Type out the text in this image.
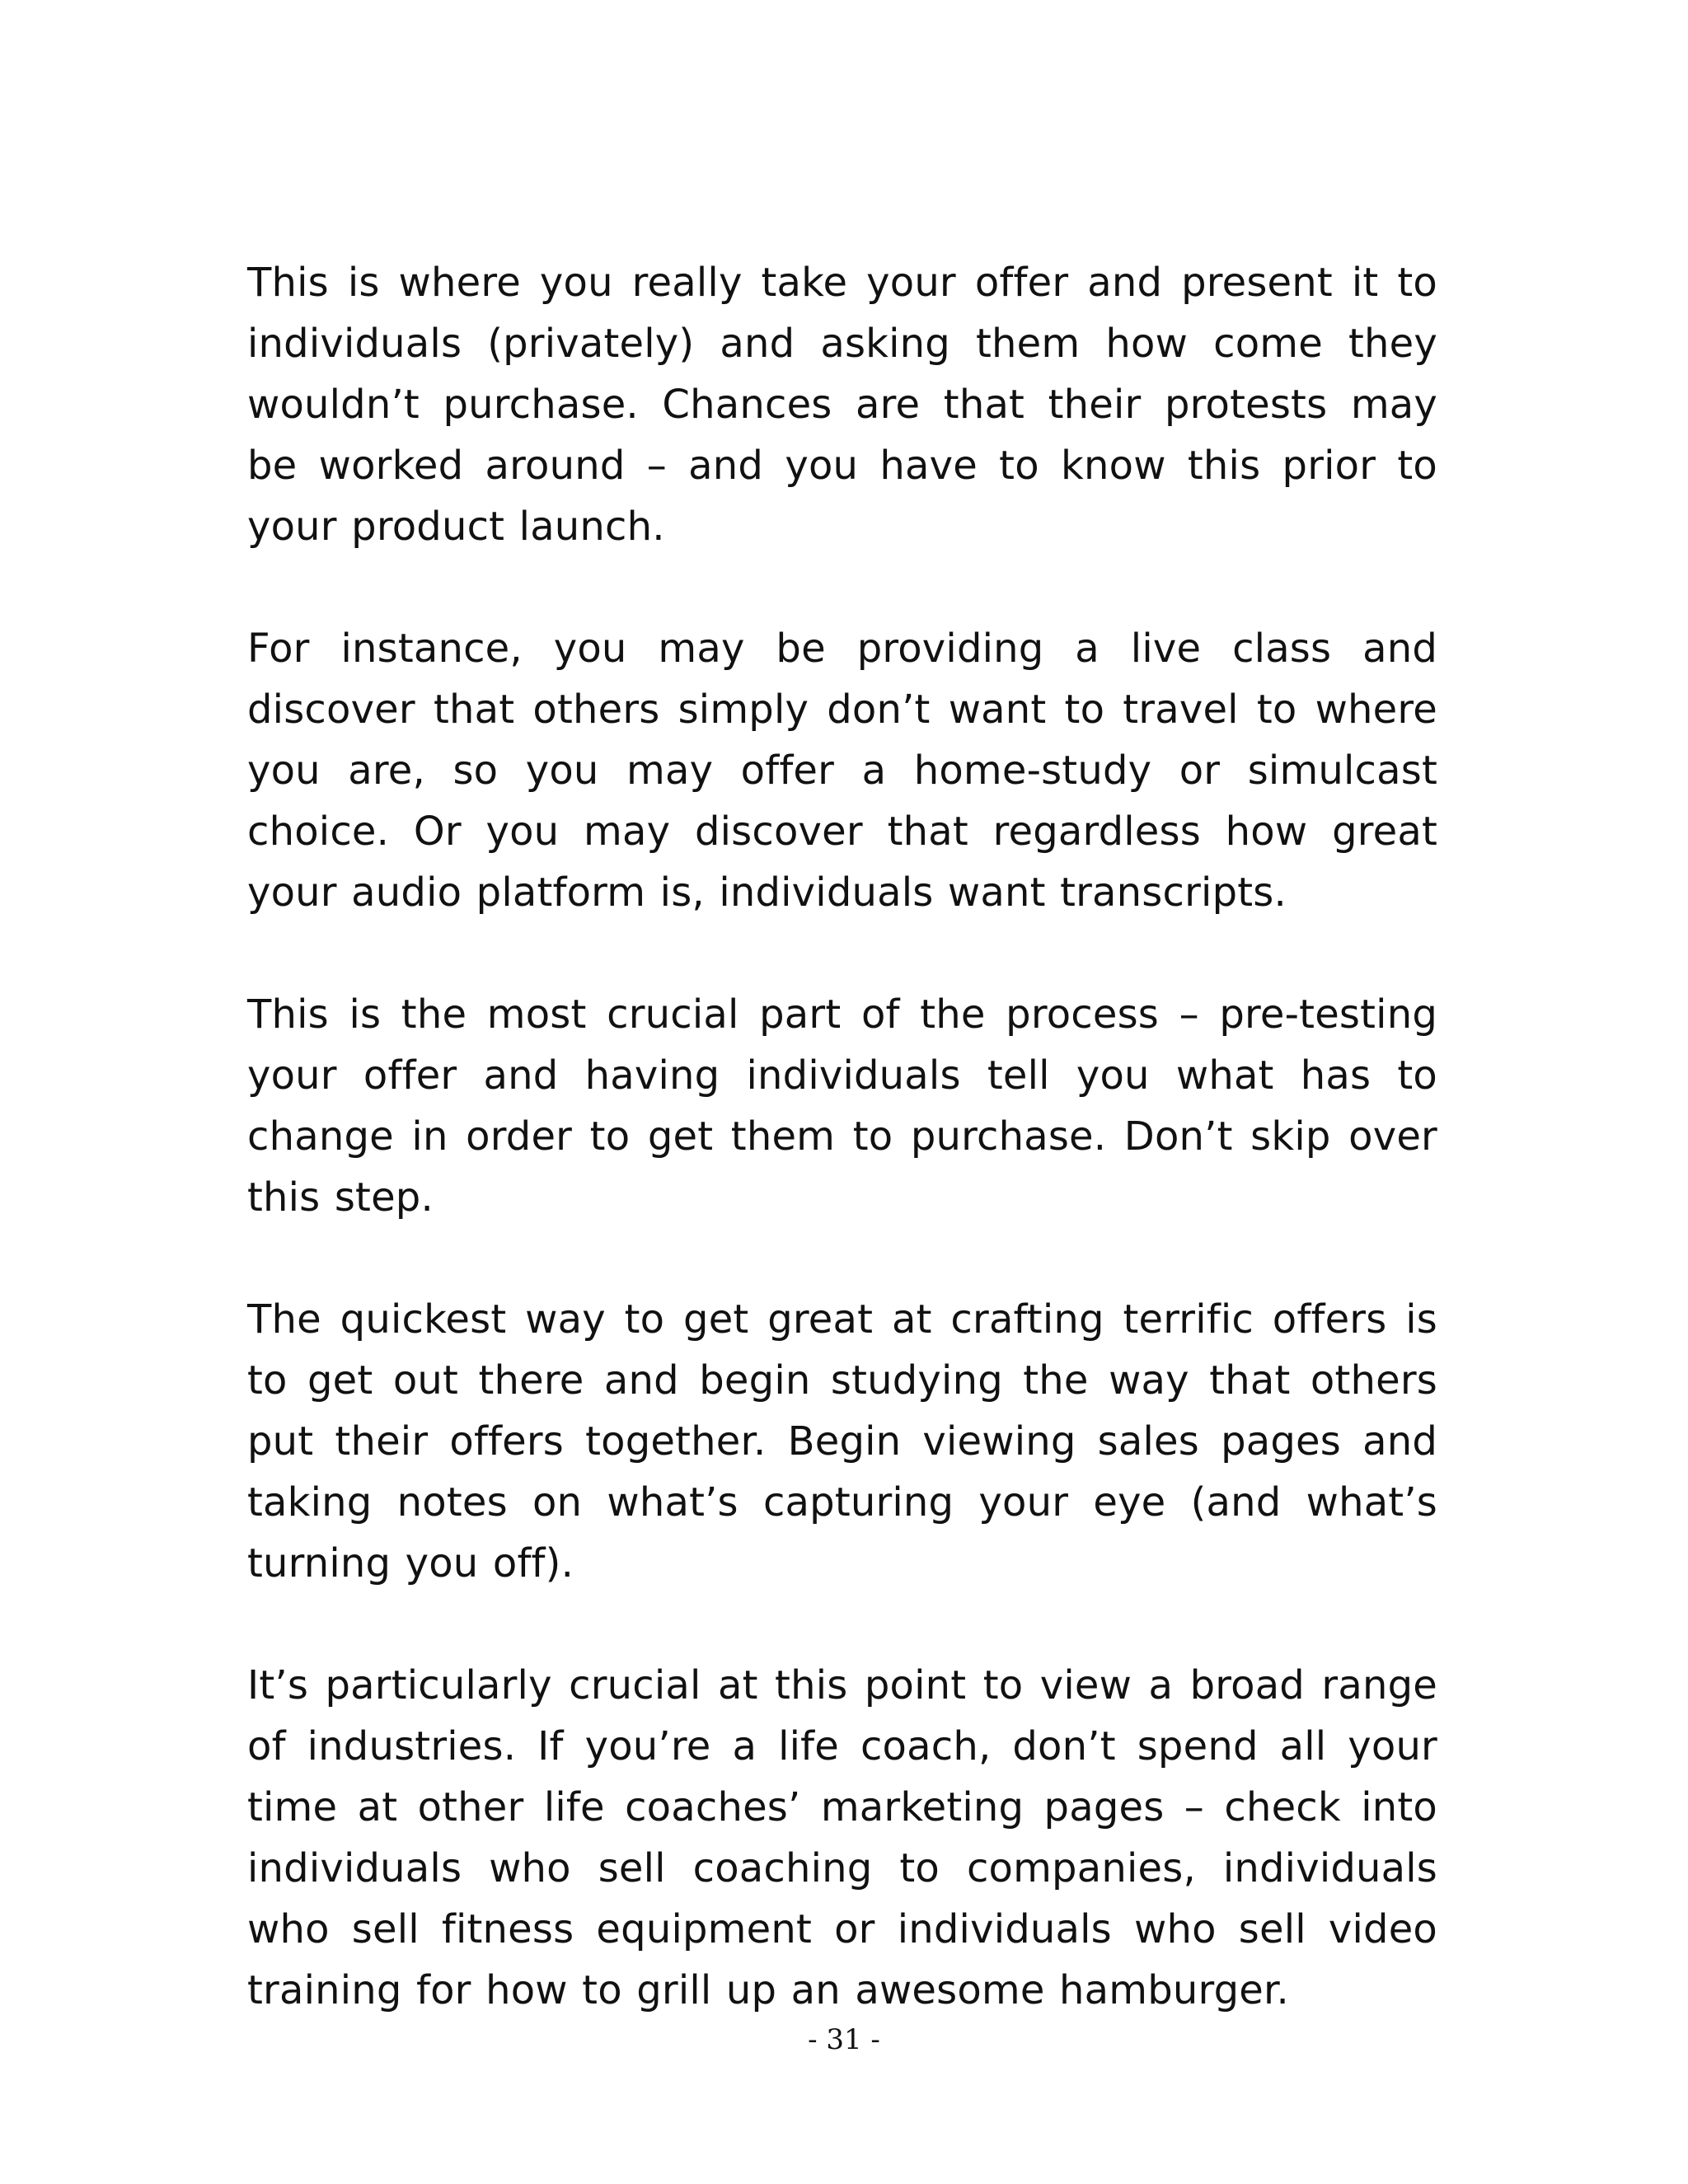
This is where you really take your offer and present it to individuals (privately) and asking them how come they wouldn’t purchase. Chances are that their protests may be worked around – and you have to know this prior to your product launch.

For instance, you may be providing a live class and discover that others simply don’t want to travel to where you are, so you may offer a home-study or simulcast choice. Or you may discover that regardless how great your audio platform is, individuals want transcripts.

This is the most crucial part of the process – pre-testing your offer and having individuals tell you what has to change in order to get them to purchase. Don’t skip over this step.

The quickest way to get great at crafting terrific offers is to get out there and begin studying the way that others put their offers together. Begin viewing sales pages and taking notes on what’s capturing your eye (and what’s turning you off).

It’s particularly crucial at this point to view a broad range of industries. If you’re a life coach, don’t spend all your time at other life coaches’ marketing pages – check into individuals who sell coaching to companies, individuals who sell fitness equipment or individuals who sell video training for how to grill up an awesome hamburger.

- 31 -
